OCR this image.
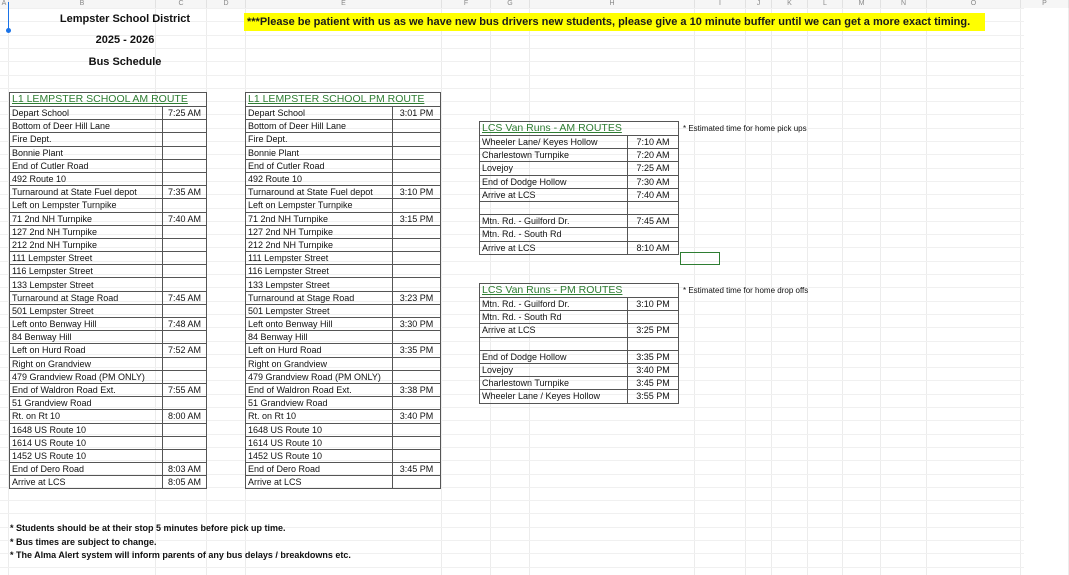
A	B	C	D	E	F	G	H	I	J	K	L	M	N	O	P
Lempster School District
2025 - 2026
Bus Schedule
***Please be patient with us as we have new bus drivers new students, please give a 10 minute buffer until we can get a more exact timing.
L1 LEMPSTER SCHOOL AM ROUTE	
Depart School	7:25 AM
Bottom of Deer Hill Lane	
Fire Dept.	
Bonnie Plant	
End of Cutler Road	
492 Route 10	
Turnaround at State Fuel depot	7:35 AM
Left on Lempster Turnpike	
71 2nd NH Turnpike	7:40 AM
127 2nd NH Turnpike	
212 2nd NH Turnpike	
111 Lempster Street	
116 Lempster Street	
133 Lempster Street	
Turnaround at Stage Road	7:45 AM
501 Lempster Street	
Left onto Benway Hill	7:48 AM
84 Benway Hill	
Left on Hurd Road	7:52 AM
Right on Grandview	
479 Grandview Road (PM ONLY)	
End of Waldron Road Ext.	7:55 AM
51 Grandview Road	
Rt. on Rt 10	8:00 AM
1648 US Route 10	
1614 US Route 10	
1452 US Route 10	
End of Dero Road	8:03 AM
Arrive at LCS	8:05 AM
L1 LEMPSTER SCHOOL PM ROUTE	
Depart School	3:01 PM
Bottom of Deer Hill Lane	
Fire Dept.	
Bonnie Plant	
End of Cutler Road	
492 Route 10	
Turnaround at State Fuel depot	3:10 PM
Left on Lempster Turnpike	
71 2nd NH Turnpike	3:15 PM
127 2nd NH Turnpike	
212 2nd NH Turnpike	
111 Lempster Street	
116 Lempster Street	
133 Lempster Street	
Turnaround at Stage Road	3:23 PM
501 Lempster Street	
Left onto Benway Hill	3:30 PM
84 Benway Hill	
Left on Hurd Road	3:35 PM
Right on Grandview	
479 Grandview Road (PM ONLY)	
End of Waldron Road Ext.	3:38 PM
51 Grandview Road	
Rt. on Rt 10	3:40 PM
1648 US Route 10	
1614 US Route 10	
1452 US Route 10	
End of Dero Road	3:45 PM
Arrive at LCS	
LCS Van Runs - AM ROUTES	
Wheeler Lane/ Keyes Hollow	7:10 AM
Charlestown Turnpike	7:20 AM
Lovejoy	7:25 AM
End of Dodge Hollow	7:30 AM
Arrive at LCS	7:40 AM

Mtn. Rd. - Guilford Dr.	7:45 AM
Mtn. Rd. - South Rd	
Arrive at LCS	8:10 AM
LCS Van Runs - PM ROUTES	
Mtn. Rd. - Guilford Dr.	3:10 PM
Mtn. Rd. - South Rd	
Arrive at LCS	3:25 PM

End of Dodge Hollow	3:35 PM
Lovejoy	3:40 PM
Charlestown Turnpike	3:45 PM
Wheeler Lane / Keyes Hollow	3:55 PM
* Estimated time for home pick ups
* Estimated time for home drop offs
* Students should be at their stop 5 minutes before pick up time.
* Bus times are subject to change.
* The Alma Alert system will inform parents of any bus delays / breakdowns etc.
